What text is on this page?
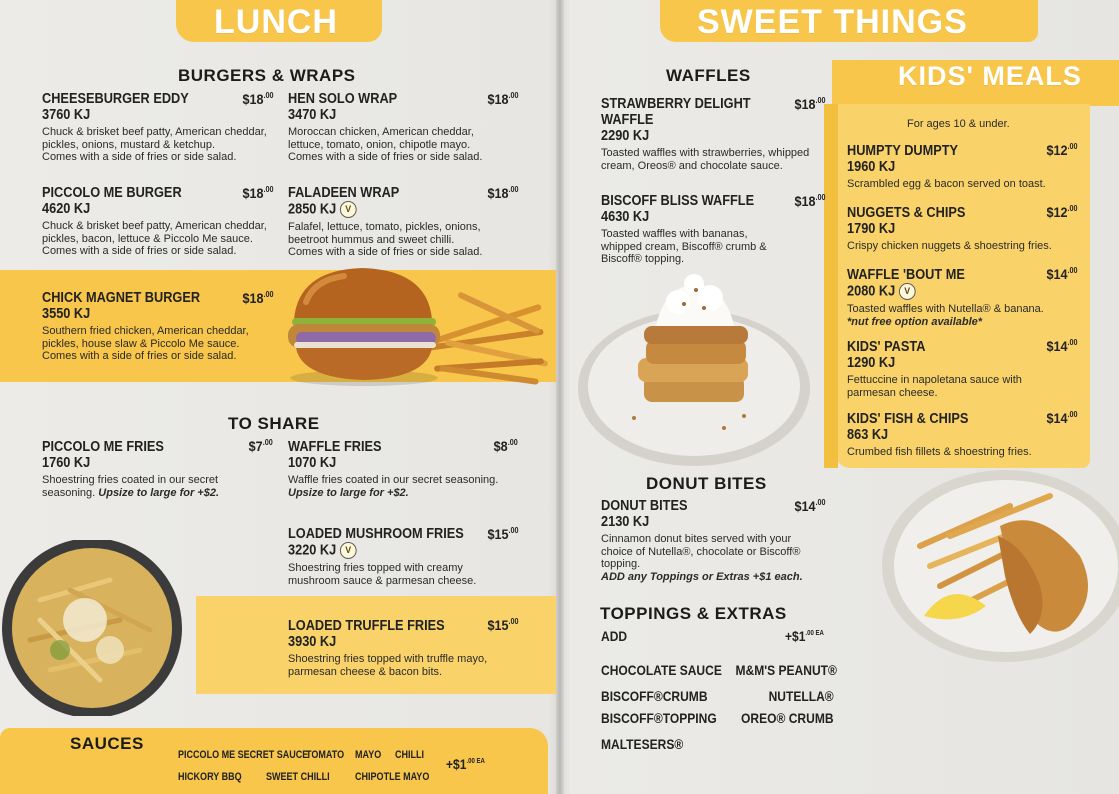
LUNCH	SWEET THINGS
KIDS' MEALS
BURGERS & WRAPS
CHEESEBURGER EDDY
3760 KJ
Chuck & brisket beef patty, American cheddar, pickles, onions, mustard & ketchup.
Comes with a side of fries or side salad.
$\$18^{.00}$ HEN SOLO WRAP
3470 KJ
Moroccan chicken, American cheddar, lettuce, tomato, onion, chipotle mayo.
Comes with a side of fries or side salad.
$\$18^{.00}$
PICCOLO ME BURGER
4620 KJ
Chuck & brisket beef patty, American cheddar, pickles, bacon, lettuce & Piccolo Me sauce.
Comes with a side of fries or side salad.
$\$18^{.00}$ FALADEEN WRAP
2850 KJ V
Falafel, lettuce, tomato, pickles, onions, beetroot hummus and sweet chilli.
Comes with a side of fries or side salad.
$\$18^{.00}$
CHICK MAGNET BURGER
3550 KJ
Southern fried chicken, American cheddar, pickles, house slaw & Piccolo Me sauce.
Comes with a side of fries or side salad.
$\$18^{.00}$
TO SHARE
PICCOLO ME FRIES
1760 KJ
Shoestring fries coated in our secret seasoning. Upsize to large for +$2.
$\$7^{.00}$ WAFFLE FRIES
1070 KJ
Waffle fries coated in our secret seasoning. Upsize to large for +$2.
$\$8^{.00}$
LOADED MUSHROOM FRIES
3220 KJ V
Shoestring fries topped with creamy mushroom sauce & parmesan cheese.
$\$15^{.00}$
LOADED TRUFFLE FRIES
3930 KJ
Shoestring fries topped with truffle mayo, parmesan cheese & bacon bits.
$\$15^{.00}$
SAUCES
PICCOLO ME SECRET SAUCE
TOMATO MAYO CHILLI
HICKORY BBQ SWEET CHILLI CHIPOTLE MAYO
$+\$1^{.00}$ $^{EA}$
WAFFLES
STRAWBERRY DELIGHT
WAFFLE
2290 KJ
Toasted waffles with strawberries, whipped cream, Oreos® and chocolate sauce.
$\$18^{.00}$
BISCOFF BLISS WAFFLE
4630 KJ
Toasted waffles with bananas, whipped cream, Biscoff® crumb & Biscoff® topping.
$\$18^{.00}$
DONUT BITES
DONUT BITES
2130 KJ
Cinnamon donut bites served with your choice of Nutella®, chocolate or Biscoff® topping.
ADD any Toppings or Extras +$1 each.
$\$14^{.00}$
TOPPINGS & EXTRAS
ADD	$+\$1^{.00}$ $^{EA}$
CHOCOLATE SAUCE
BISCOFF®CRUMB
BISCOFF®TOPPING
MALTESERS®
M&M'S PEANUT®
NUTELLA®
OREO® CRUMB
For ages 10 & under.
HUMPTY DUMPTY
1960 KJ
Scrambled egg & bacon served on toast.
$\$12^{.00}$
NUGGETS & CHIPS
1790 KJ
Crispy chicken nuggets & shoestring fries.
$\$12^{.00}$
WAFFLE 'BOUT ME
2080 KJ V
Toasted waffles with Nutella® & banana.
*nut free option available*
$\$14^{.00}$
KIDS' PASTA
1290 KJ
Fettuccine in napoletana sauce with parmesan cheese.
$\$14^{.00}$
KIDS' FISH & CHIPS
863 KJ
Crumbed fish fillets & shoestring fries.
$\$14^{.00}$
